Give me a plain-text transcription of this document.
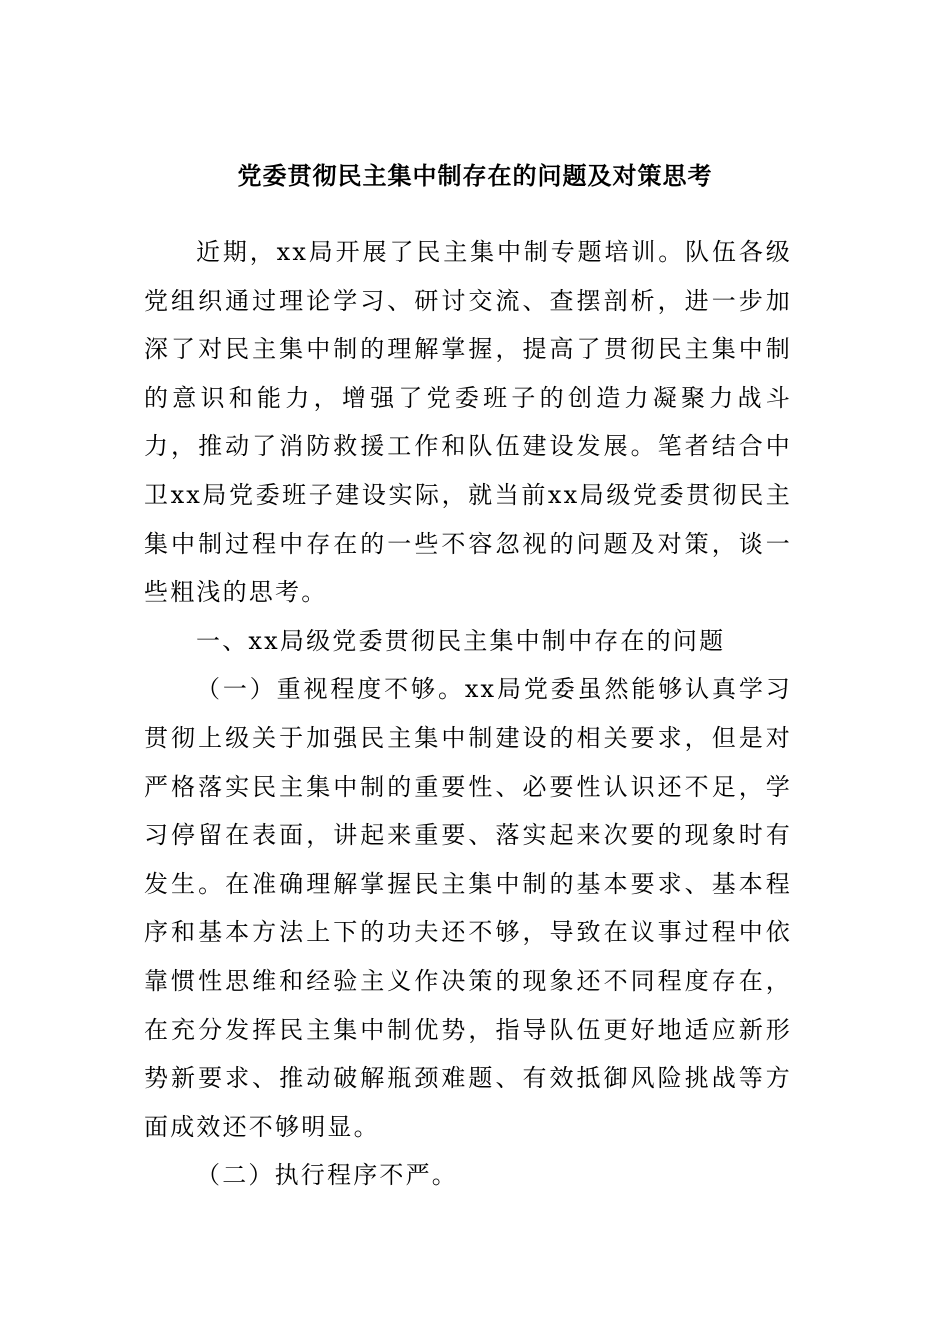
党委贯彻民主集中制存在的问题及对策思考

近期，xx局开展了民主集中制专题培训。队伍各级党组织通过理论学习、研讨交流、查摆剖析，进一步加深了对民主集中制的理解掌握，提高了贯彻民主集中制的意识和能力，增强了党委班子的创造力凝聚力战斗力，推动了消防救援工作和队伍建设发展。笔者结合中卫xx局党委班子建设实际，就当前xx局级党委贯彻民主集中制过程中存在的一些不容忽视的问题及对策，谈一些粗浅的思考。

一、xx局级党委贯彻民主集中制中存在的问题

（一）重视程度不够。xx局党委虽然能够认真学习贯彻上级关于加强民主集中制建设的相关要求，但是对严格落实民主集中制的重要性、必要性认识还不足，学习停留在表面，讲起来重要、落实起来次要的现象时有发生。在准确理解掌握民主集中制的基本要求、基本程序和基本方法上下的功夫还不够，导致在议事过程中依靠惯性思维和经验主义作决策的现象还不同程度存在，在充分发挥民主集中制优势，指导队伍更好地适应新形势新要求、推动破解瓶颈难题、有效抵御风险挑战等方面成效还不够明显。

（二）执行程序不严。
